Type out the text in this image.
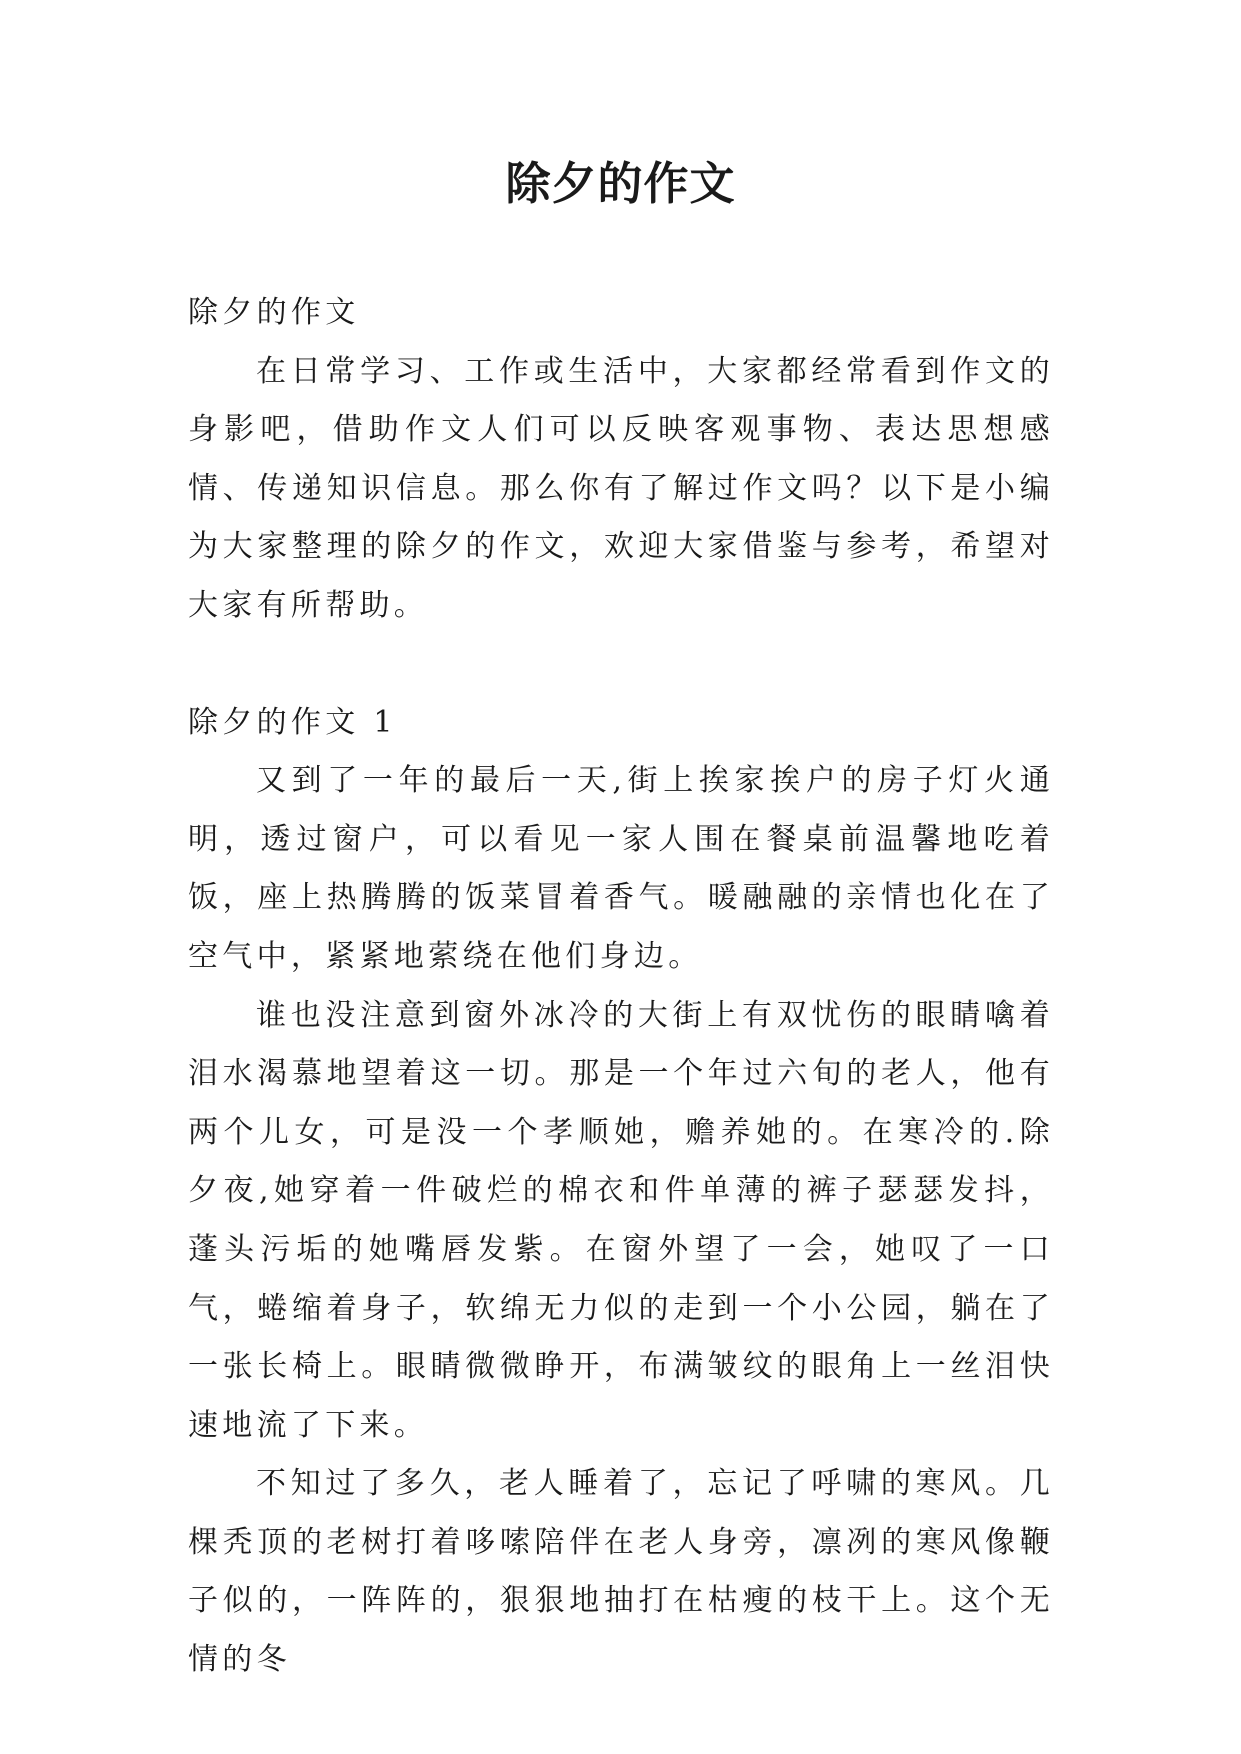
除夕的作文

除夕的作文

在日常学习、工作或生活中，大家都经常看到作文的身影吧，借助作文人们可以反映客观事物、表达思想感情、传递知识信息。那么你有了解过作文吗？以下是小编为大家整理的除夕的作文，欢迎大家借鉴与参考，希望对大家有所帮助。

除夕的作文 1

又到了一年的最后一天,街上挨家挨户的房子灯火通明，透过窗户，可以看见一家人围在餐桌前温馨地吃着饭，座上热腾腾的饭菜冒着香气。暖融融的亲情也化在了空气中，紧紧地萦绕在他们身边。

谁也没注意到窗外冰冷的大街上有双忧伤的眼睛噙着泪水渴慕地望着这一切。那是一个年过六旬的老人，他有两个儿女，可是没一个孝顺她，赡养她的。在寒冷的.除夕夜,她穿着一件破烂的棉衣和件单薄的裤子瑟瑟发抖，蓬头污垢的她嘴唇发紫。在窗外望了一会，她叹了一口气，蜷缩着身子，软绵无力似的走到一个小公园，躺在了一张长椅上。眼睛微微睁开，布满皱纹的眼角上一丝泪快速地流了下来。

不知过了多久，老人睡着了，忘记了呼啸的寒风。几棵秃顶的老树打着哆嗦陪伴在老人身旁，凛冽的寒风像鞭子似的，一阵阵的，狠狠地抽打在枯瘦的枝干上。这个无情的冬
